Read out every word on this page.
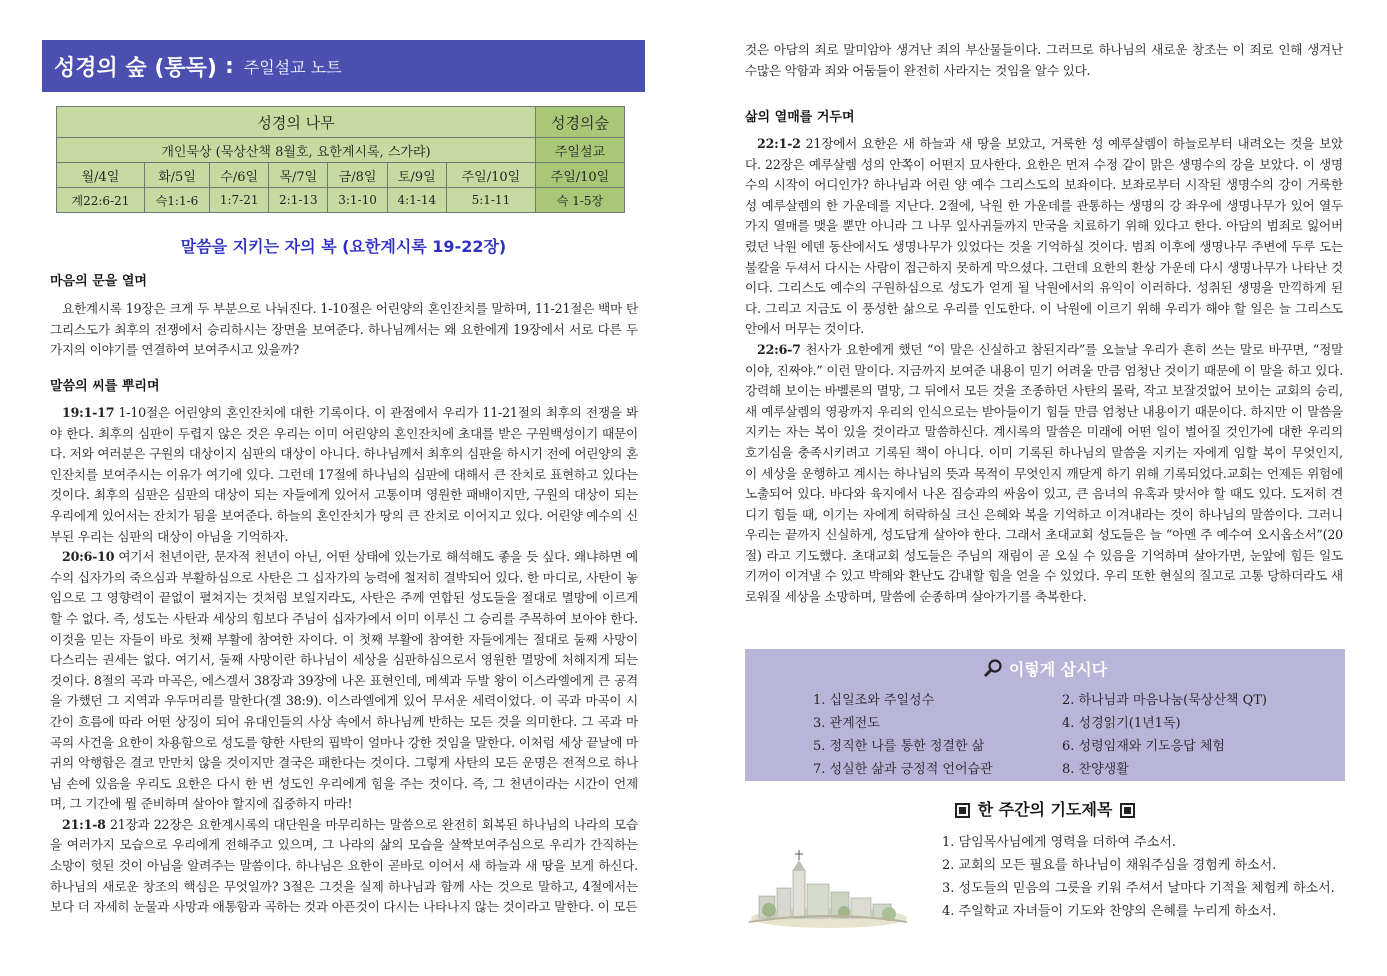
성경의 숲 (통독) : 주일설교 노트
성경의 나무							성경의숲
개인묵상 (묵상산책 8월호, 요한계시록, 스가랴)							주일설교
월/4일	화/5일	수/6일	목/7일	금/8일	토/9일	주일/10일	주일/10일
계22:6-21	슥1:1-6	1:7-21	2:1-13	3:1-10	4:1-14	5:1-11	슥 1-5장
말씀을 지키는 자의 복 (요한계시록 19-22장)
마음의 문을 열며

요한계시록 19장은 크게 두 부분으로 나눠진다. 1-10절은 어린양의 혼인잔치를 말하며, 11-21절은 백마 탄 그리스도가 최후의 전쟁에서 승리하시는 장면을 보여준다. 하나님께서는 왜 요한에게 19장에서 서로 다른 두 가지의 이야기를 연결하여 보여주시고 있을까?

말씀의 씨를 뿌리며

19:1-17 1-10절은 어린양의 혼인잔치에 대한 기록이다. 이 관점에서 우리가 11-21절의 최후의 전쟁을 봐야 한다. 최후의 심판이 두렵지 않은 것은 우리는 이미 어린양의 혼인잔치에 초대를 받은 구원백성이기 때문이다. 저와 여러분은 구원의 대상이지 심판의 대상이 아니다. 하나님께서 최후의 심판을 하시기 전에 어린양의 혼인잔치를 보여주시는 이유가 여기에 있다. 그런데 17절에 하나님의 심판에 대해서 큰 잔치로 표현하고 있다는 것이다. 최후의 심판은 심판의 대상이 되는 자들에게 있어서 고통이며 영원한 패배이지만, 구원의 대상이 되는 우리에게 있어서는 잔치가 됨을 보여준다. 하늘의 혼인잔치가 땅의 큰 잔치로 이어지고 있다. 어린양 예수의 신부된 우리는 심판의 대상이 아님을 기억하자.

20:6-10 여기서 천년이란, 문자적 천년이 아닌, 어떤 상태에 있는가로 해석해도 좋을 듯 싶다. 왜냐하면 예수의 십자가의 죽으심과 부활하심으로 사탄은 그 십자가의 능력에 철저히 결박되어 있다. 한 마디로, 사탄이 놓임으로 그 영향력이 끝없이 펼쳐지는 것처럼 보일지라도, 사탄은 주께 연합된 성도들을 절대로 멸망에 이르게 할 수 없다. 즉, 성도는 사탄과 세상의 힘보다 주님이 십자가에서 이미 이루신 그 승리를 주목하여 보아야 한다. 이것을 믿는 자들이 바로 첫째 부활에 참여한 자이다. 이 첫째 부활에 참여한 자들에게는 절대로 둘째 사망이 다스리는 권세는 없다. 여기서, 둘째 사망이란 하나님이 세상을 심판하심으로서 영원한 멸망에 처해지게 되는 것이다. 8절의 곡과 마곡은, 에스겔서 38장과 39장에 나온 표현인데, 메섹과 두발 왕이 이스라엘에게 큰 공격을 가했던 그 지역과 우두머리를 말한다(겔 38:9). 이스라엘에게 있어 무서운 세력이었다. 이 곡과 마곡이 시간이 흐름에 따라 어떤 상징이 되어 유대인들의 사상 속에서 하나님께 반하는 모든 것을 의미한다. 그 곡과 마곡의 사건을 요한이 차용함으로 성도를 향한 사탄의 핍박이 얼마나 강한 것임을 말한다. 이처럼 세상 끝날에 마귀의 악행함은 결코 만만치 않을 것이지만 결국은 패한다는 것이다. 그렇게 사탄의 모든 운명은 전적으로 하나님 손에 있음을 우리도 요한은 다시 한 번 성도인 우리에게 힘을 주는 것이다. 즉, 그 천년이라는 시간이 언제며, 그 기간에 뭘 준비하며 살아야 할지에 집중하지 마라!

21:1-8 21장과 22장은 요한계시록의 대단원을 마무리하는 말씀으로 완전히 회복된 하나님의 나라의 모습을 여러가지 모습으로 우리에게 전해주고 있으며, 그 나라의 삶의 모습을 살짝보여주심으로 우리가 간직하는 소망이 헛된 것이 아님을 알려주는 말씀이다. 하나님은 요한이 곧바로 이어서 새 하늘과 새 땅을 보게 하신다. 하나님의 새로운 창조의 핵심은 무엇일까? 3절은 그것을 실제 하나님과 함께 사는 것으로 말하고, 4절에서는 보다 더 자세히 눈물과 사망과 애통함과 곡하는 것과 아픈것이 다시는 나타나지 않는 것이라고 말한다. 이 모든

것은 아담의 죄로 말미암아 생겨난 죄의 부산물들이다. 그러므로 하나님의 새로운 창조는 이 죄로 인해 생겨난 수많은 악함과 죄와 어둠들이 완전히 사라지는 것임을 알수 있다.

삶의 열매를 거두며

22:1-2 21장에서 요한은 새 하늘과 새 땅을 보았고, 거룩한 성 예루살렘이 하늘로부터 내려오는 것을 보았다. 22장은 예루살렘 성의 안쪽이 어떤지 묘사한다. 요한은 먼저 수정 같이 맑은 생명수의 강을 보았다. 이 생명수의 시작이 어디인가? 하나님과 어린 양 예수 그리스도의 보좌이다. 보좌로부터 시작된 생명수의 강이 거룩한 성 예루살렘의 한 가운데를 지난다. 2절에, 낙원 한 가운데를 관통하는 생명의 강 좌우에 생명나무가 있어 열두 가지 열매를 맺을 뿐만 아니라 그 나무 잎사귀들까지 만국을 치료하기 위해 있다고 한다. 아담의 범죄로 잃어버렸던 낙원 에덴 동산에서도 생명나무가 있었다는 것을 기억하실 것이다. 범죄 이후에 생명나무 주변에 두루 도는 불칼을 두셔서 다시는 사람이 접근하지 못하게 막으셨다. 그런데 요한의 환상 가운데 다시 생명나무가 나타난 것이다. 그리스도 예수의 구원하심으로 성도가 얻게 될 낙원에서의 유익이 이러하다. 성취된 생명을 만끽하게 된다. 그리고 지금도 이 풍성한 삶으로 우리를 인도한다. 이 낙원에 이르기 위해 우리가 해야 할 일은 늘 그리스도 안에서 머무는 것이다.

22:6-7 천사가 요한에게 했던 “이 말은 신실하고 참된지라”를 오늘날 우리가 흔히 쓰는 말로 바꾸면, “정말이야, 진짜야.” 이런 말이다. 지금까지 보여준 내용이 믿기 어려울 만큼 엄청난 것이기 때문에 이 말을 하고 있다. 강력해 보이는 바벨론의 멸망, 그 뒤에서 모든 것을 조종하던 사탄의 몰락, 작고 보잘것없어 보이는 교회의 승리, 새 예루살렘의 영광까지 우리의 인식으로는 받아들이기 힘들 만큼 엄청난 내용이기 때문이다. 하지만 이 말씀을 지키는 자는 복이 있을 것이라고 말씀하신다. 계시록의 말씀은 미래에 어떤 일이 벌어질 것인가에 대한 우리의 호기심을 충족시키려고 기록된 책이 아니다. 이미 기록된 하나님의 말씀을 지키는 자에게 임할 복이 무엇인지, 이 세상을 운행하고 계시는 하나님의 뜻과 목적이 무엇인지 깨닫게 하기 위해 기록되었다.교회는 언제든 위험에 노출되어 있다. 바다와 육지에서 나온 짐승과의 싸움이 있고, 큰 음녀의 유혹과 맞서야 할 때도 있다. 도저히 견디기 힘들 때, 이기는 자에게 허락하실 크신 은혜와 복을 기억하고 이겨내라는 것이 하나님의 말씀이다. 그러니 우리는 끝까지 신실하게, 성도답게 살아야 한다. 그래서 초대교회 성도들은 늘 “아멘 주 예수여 오시옵소서”(20절) 라고 기도했다. 초대교회 성도들은 주님의 재림이 곧 오실 수 있음을 기억하며 살아가면, 눈앞에 힘든 일도 기꺼이 이겨낼 수 있고 박해와 환난도 감내할 힘을 얻을 수 있었다. 우리 또한 현실의 질고로 고통 당하더라도 새로워질 세상을 소망하며, 말씀에 순종하며 살아가기를 축복한다.

이렇게 삽시다
1. 십일조와 주일성수	2. 하나님과 마음나눔(묵상산책 QT)
3. 관계전도	4. 성경읽기(1년1독)
5. 정직한 나를 통한 정결한 삶	6. 성령임재와 기도응답 체험
7. 성실한 삶과 긍정적 언어습관	8. 찬양생활
한 주간의 기도제목
1. 담임목사님에게 영력을 더하여 주소서.
2. 교회의 모든 필요를 하나님이 채워주심을 경험케 하소서.
3. 성도들의 믿음의 그릇을 키워 주셔서 날마다 기적을 체험케 하소서.
4. 주일학교 자녀들이 기도와 찬양의 은혜를 누리게 하소서.
